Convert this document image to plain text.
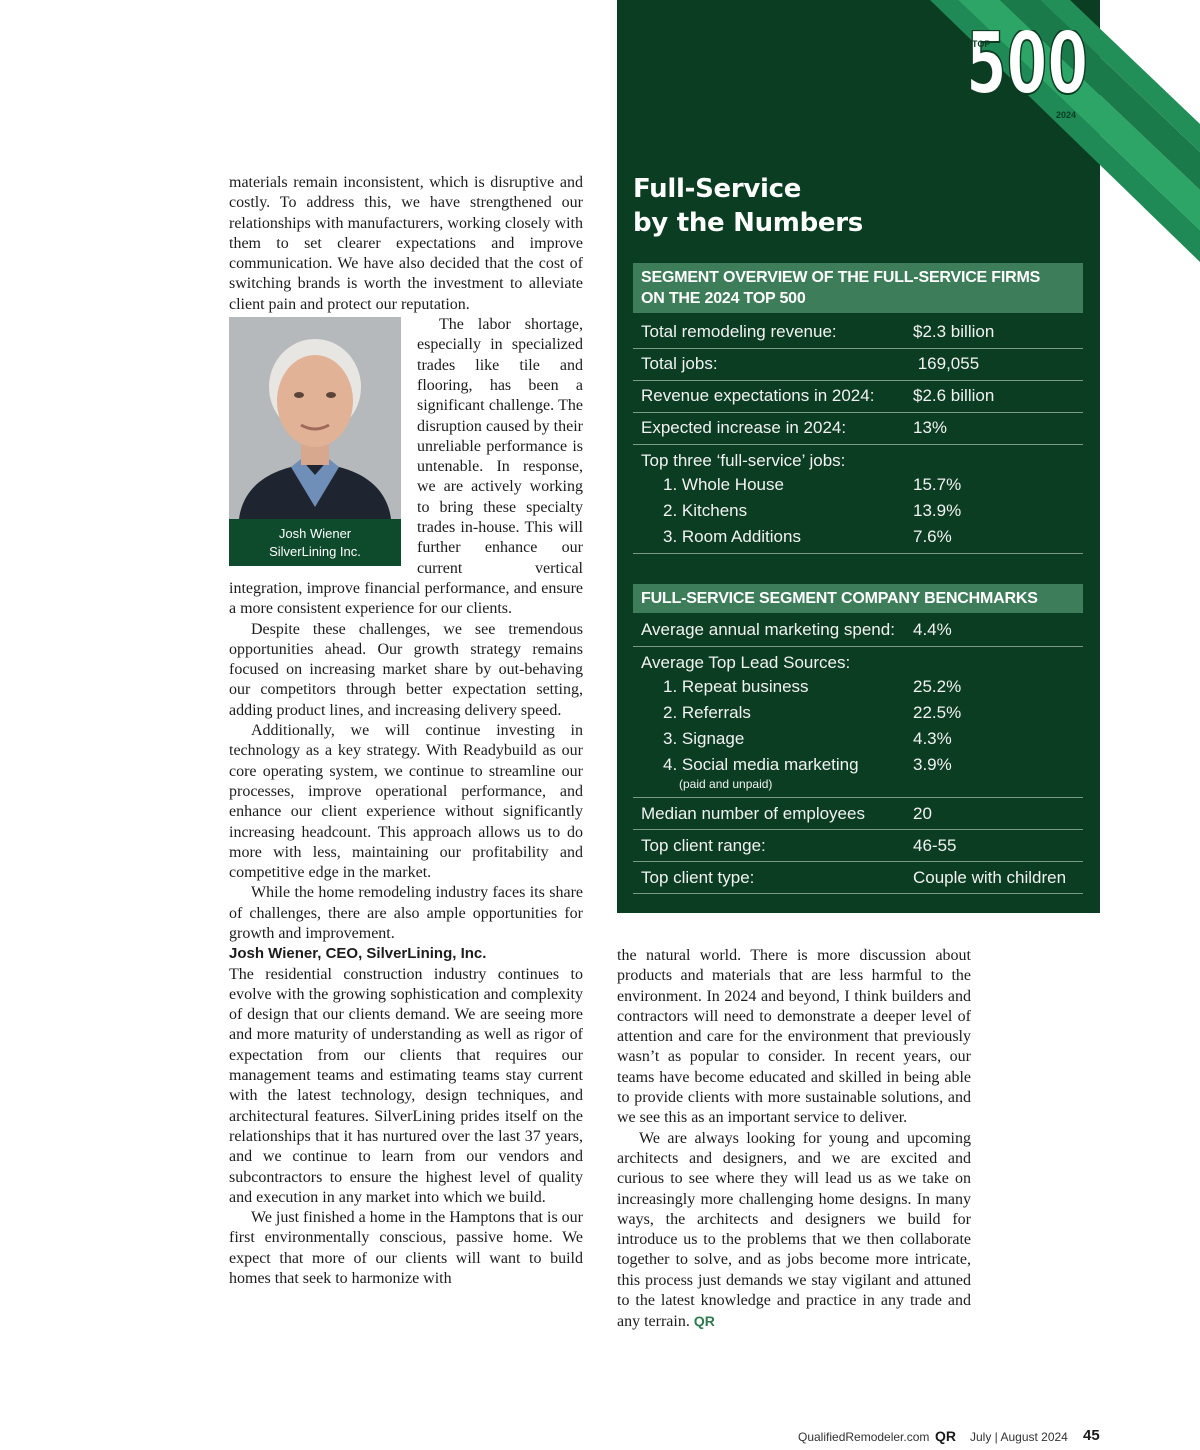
materials remain inconsistent, which is disruptive and costly. To address this, we have strengthened our relationships with manufacturers, working closely with them to set clearer expectations and improve communication. We have also decided that the cost of switching brands is worth the investment to alleviate client pain and protect our reputation.

Josh Wiener
SilverLining Inc.

The labor shortage, especially in specialized trades like tile and flooring, has been a significant challenge. The disruption caused by their unreliable performance is untenable. In response, we are actively working to bring these specialty trades in-house. This will further enhance our current vertical integration, improve financial performance, and ensure a more consistent experience for our clients.

Despite these challenges, we see tremendous opportunities ahead. Our growth strategy remains focused on increasing market share by out-behaving our competitors through better expectation setting, adding product lines, and increasing delivery speed.

Additionally, we will continue investing in technology as a key strategy. With Readybuild as our core operating system, we continue to streamline our processes, improve operational performance, and enhance our client experience without significantly increasing headcount. This approach allows us to do more with less, maintaining our profitability and competitive edge in the market.

While the home remodeling industry faces its share of challenges, there are also ample opportunities for growth and improvement.

Josh Wiener, CEO, SilverLining, Inc.

The residential construction industry continues to evolve with the growing sophistication and complexity of design that our clients demand. We are seeing more and more maturity of understanding as well as rigor of expectation from our clients that requires our management teams and estimating teams stay current with the latest technology, design techniques, and architectural features. SilverLining prides itself on the relationships that it has nurtured over the last 37 years, and we continue to learn from our vendors and subcontractors to ensure the highest level of quality and execution in any market into which we build.

We just finished a home in the Hamptons that is our first environmentally conscious, passive home. We expect that more of our clients will want to build homes that seek to harmonize with

500
TOP
2024
Full-Service
by the Numbers
SEGMENT OVERVIEW OF THE FULL-SERVICE FIRMS
ON THE 2024 TOP 500
Total remodeling revenue:	$2.3 billion
Total jobs:	169,055
Revenue expectations in 2024: $2.6 billion
Expected increase in 2024:	13%
Top three ‘full-service’ jobs:
1. Whole House	15.7%
2. Kitchens	13.9%
3. Room Additions	7.6%
FULL-SERVICE SEGMENT COMPANY BENCHMARKS
Average annual marketing spend: 4.4%
Average Top Lead Sources:
1. Repeat business	25.2%
2. Referrals	22.5%
3. Signage	4.3%
4. Social media marketing	3.9%
(paid and unpaid)
Median number of employees	20
Top client range:	46-55
Top client type:	Couple with children

the natural world. There is more discussion about products and materials that are less harmful to the environment. In 2024 and beyond, I think builders and contractors will need to demonstrate a deeper level of attention and care for the environment that previously wasn’t as popular to consider. In recent years, our teams have become educated and skilled in being able to provide clients with more sustainable solutions, and we see this as an important service to deliver.

We are always looking for young and upcoming architects and designers, and we are excited and curious to see where they will lead us as we take on increasingly more challenging home designs. In many ways, the architects and designers we build for introduce us to the problems that we then collaborate together to solve, and as jobs become more intricate, this process just demands we stay vigilant and attuned to the latest knowledge and practice in any trade and any terrain. QR

QualifiedRemodeler.com QR July | August 2024 45
